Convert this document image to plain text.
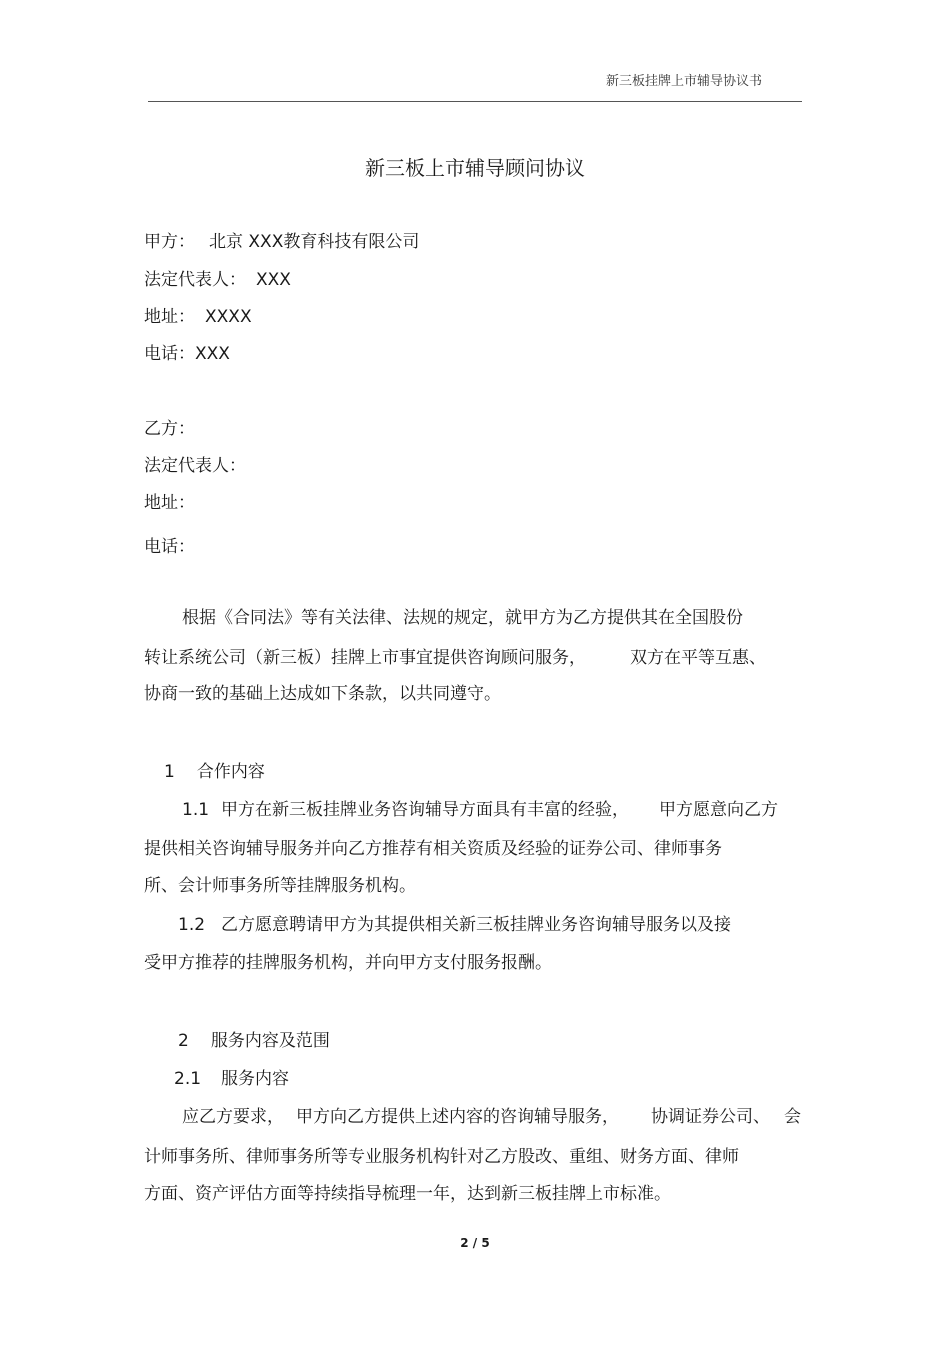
新三板挂牌上市辅导协议书
新三板上市辅导顾问协议
甲方： 北京 XXX教育科技有限公司
法定代表人： XXX
地址： XXXX
电话：XXX
乙方：
法定代表人：
地址：
电话：
根据《合同法》等有关法律、法规的规定，就甲方为乙方提供其在全国股份
转让系统公司（新三板）挂牌上市事宜提供咨询顾问服务，	双方在平等互惠、
协商一致的基础上达成如下条款，以共同遵守。
1 合作内容
1.1 甲方在新三板挂牌业务咨询辅导方面具有丰富的经验， 甲方愿意向乙方
提供相关咨询辅导服务并向乙方推荐有相关资质及经验的证券公司、律师事务
所、会计师事务所等挂牌服务机构。
1.2 乙方愿意聘请甲方为其提供相关新三板挂牌业务咨询辅导服务以及接
受甲方推荐的挂牌服务机构，并向甲方支付服务报酬。
2 服务内容及范围
2.1 服务内容
应乙方要求， 甲方向乙方提供上述内容的咨询辅导服务， 协调证券公司、 会
计师事务所、律师事务所等专业服务机构针对乙方股改、重组、财务方面、律师
方面、资产评估方面等持续指导梳理一年，达到新三板挂牌上市标准。
2 / 5
